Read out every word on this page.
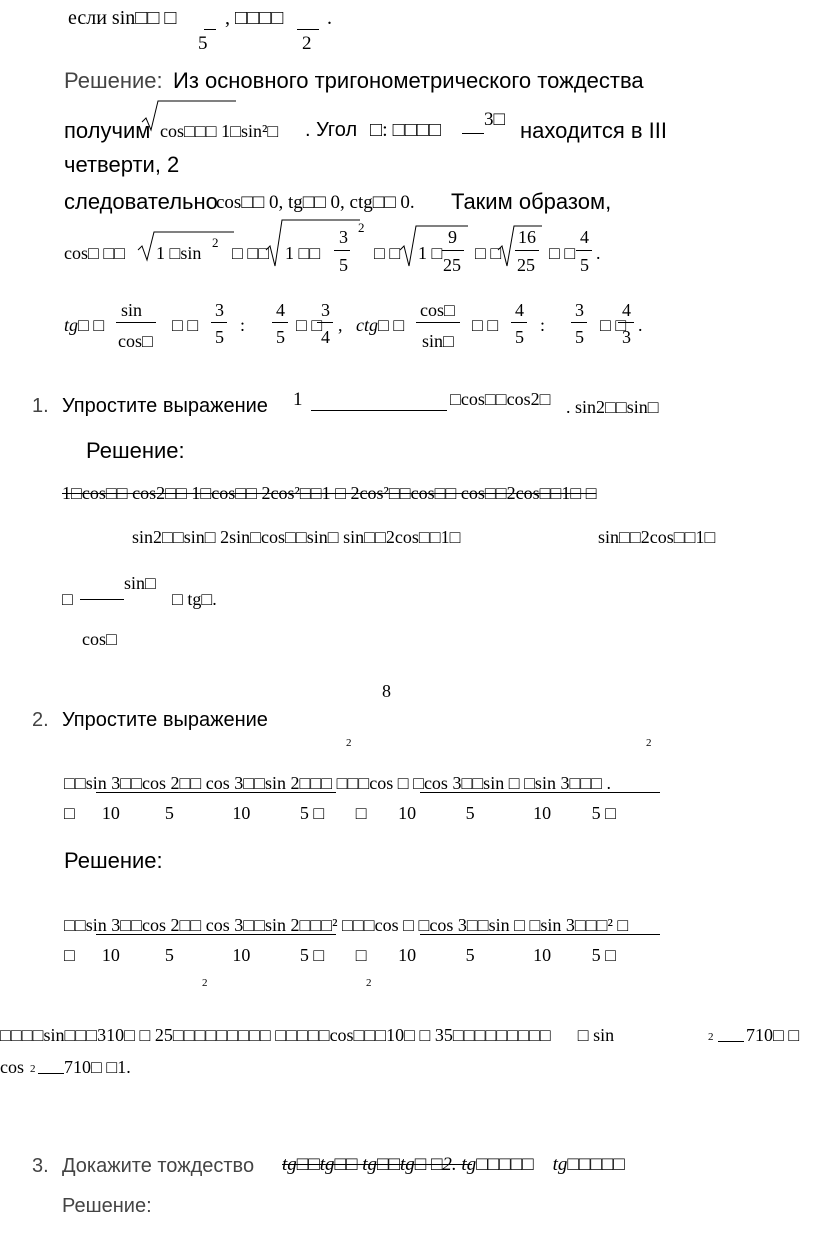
если sin□□ □ , □□□□ .
5	2
Решение: Из основного тригонометрического тождества
получим cos□□□ 1□sin²□ . Угол □: □□□□ 3□ находится в III
четверти, 2
следовательно
cos□□ 0, tg□□ 0, ctg□□ 0. Таким образом,
cos□ □□ 1 □sin
2
□ □□ 1 □□
3
5
2
□ □ 1 □
9
25
□ □
16
25
□ □
4
5
.
tg□ □
sin
cos□
□ □
3
5
:
4
5
□ □
3
4
, ctg□ □
cos□
sin□
□ □
4
5
:
3
5
□ □
4
3
.
1. Упростите выражение 1	□cos□□cos2□ . sin2□□sin□
Решение:
1□cos□□ cos2□□ 1□cos□□ 2cos²□□1 □ 2cos²□□cos□□ cos□□2cos□□1□ □
sin2□□sin□ 2sin□cos□□sin□ sin□□2cos□□1□	sin□□2cos□□1□
□
sin□
□ tg□.
cos□
8
2. Упростите выражение
2	2
□□sin 3□□cos 2□□ cos 3□□sin 2□□□ □□□cos □ □cos 3□□sin □ □sin 3□□□ .
□      10          5             10           5 □       □       10           5             10         5 □
Решение:
□□sin 3□□cos 2□□ cos 3□□sin 2□□□² □□□cos □ □cos 3□□sin □ □sin 3□□□² □
□      10          5             10           5 □       □       10           5             10         5 □
2	2
□□□□sin□□□310□ □ 25□□□□□□□□□ □□□□□cos□□□10□ □ 35□□□□□□□□□      □ sin	2 710□ □
cos 2 710□ □1.
3. Докажите тождество tg□□tg□□ tg□□tg□ □2. tg□□□□□    tg□□□□□
Решение:
